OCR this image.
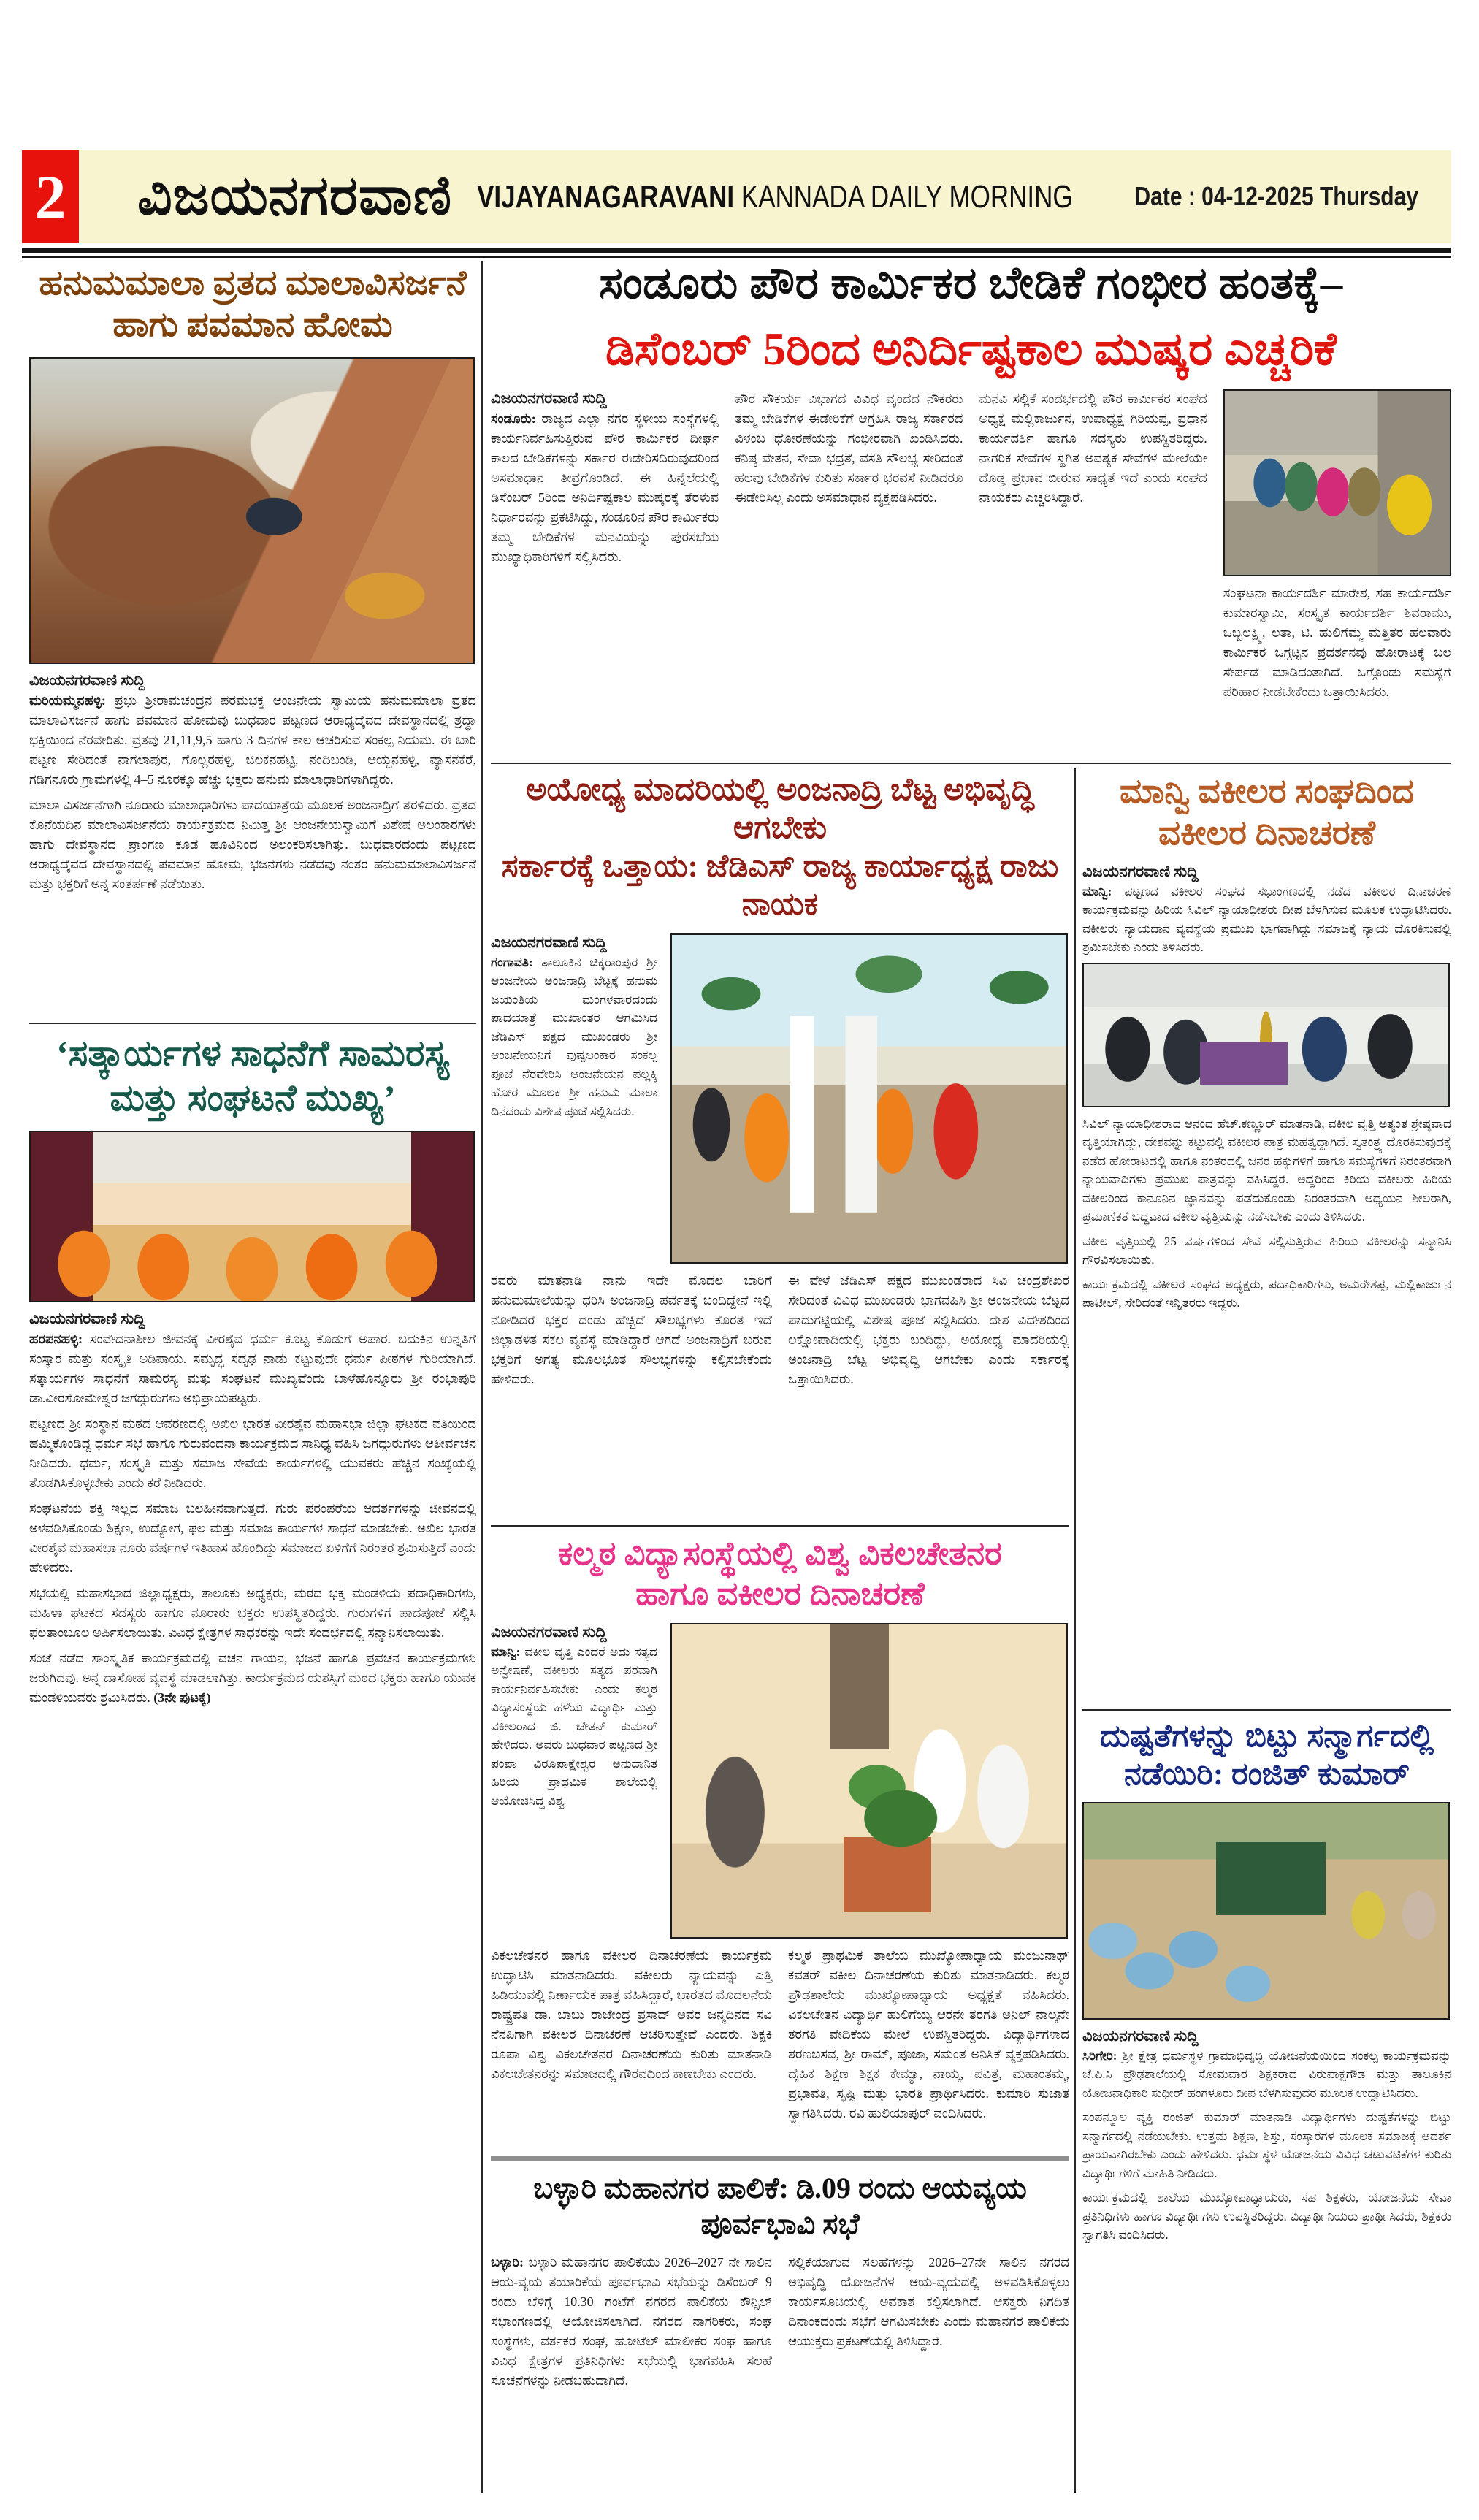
2 ವಿಜಯನಗರವಾಣಿ VIJAYANAGARAVANI KANNADA DAILY MORNING	Date : 04-12-2025 Thursday
ಹನುಮಮಾಲಾ ವ್ರತದ ಮಾಲಾವಿಸರ್ಜನೆ ಹಾಗು ಪವಮಾನ ಹೋಮ
ವಿಜಯನಗರವಾಣಿ ಸುದ್ದಿ

ಮರಿಯಮ್ಮನಹಳ್ಳಿ: ಪ್ರಭು ಶ್ರೀರಾಮಚಂದ್ರನ ಪರಮಭಕ್ತ ಆಂಜನೇಯ ಸ್ವಾಮಿಯ ಹನುಮಮಾಲಾ ವ್ರತದ ಮಾಲಾವಿಸರ್ಜನೆ ಹಾಗು ಪವಮಾನ ಹೋಮವು ಬುಧವಾರ ಪಟ್ಟಣದ ಆರಾಧ್ಯದೈವದ ದೇವಸ್ಥಾನದಲ್ಲಿ ಶ್ರದ್ಧಾ ಭಕ್ತಿಯಿಂದ ನೆರವೇರಿತು. ವ್ರತವು 21,11,9,5 ಹಾಗು 3 ದಿನಗಳ ಕಾಲ ಆಚರಿಸುವ ಸಂಕಲ್ಪ ನಿಯಮ. ಈ ಬಾರಿ ಪಟ್ಟಣ ಸೇರಿದಂತೆ ನಾಗಲಾಪುರ, ಗೊಲ್ಲರಹಳ್ಳಿ, ಚಿಲಕನಹಟ್ಟಿ, ನಂದಿಬಂಡಿ, ಆಯ್ದನಹಳ್ಳಿ, ವ್ಯಾಸನಕೆರೆ, ಗಡಿಗನೂರು ಗ್ರಾಮಗಳಲ್ಲಿ 4–5 ನೂರಕ್ಕೂ ಹೆಚ್ಚು ಭಕ್ತರು ಹನುಮ ಮಾಲಾಧಾರಿಗಳಾಗಿದ್ದರು.

ಮಾಲಾ ವಿಸರ್ಜನೆಗಾಗಿ ನೂರಾರು ಮಾಲಾಧಾರಿಗಳು ಪಾದಯಾತ್ರೆಯ ಮೂಲಕ ಅಂಜನಾದ್ರಿಗೆ ತೆರಳಿದರು. ವ್ರತದ ಕೊನೆಯದಿನ ಮಾಲಾವಿಸರ್ಜನೆಯ ಕಾರ್ಯಕ್ರಮದ ನಿಮಿತ್ತ ಶ್ರೀ ಆಂಜನೇಯಸ್ವಾಮಿಗೆ ವಿಶೇಷ ಅಲಂಕಾರಗಳು ಹಾಗು ದೇವಸ್ಥಾನದ ಪ್ರಾಂಗಣ ಕೂಡ ಹೂವಿನಿಂದ ಅಲಂಕರಿಸಲಾಗಿತ್ತು. ಬುಧವಾರದಂದು ಪಟ್ಟಣದ ಆರಾಧ್ಯದೈವದ ದೇವಸ್ಥಾನದಲ್ಲಿ ಪವಮಾನ ಹೋಮ, ಭಜನೆಗಳು ನಡೆದವು ನಂತರ ಹನುಮಮಾಲಾವಿಸರ್ಜನೆ ಮತ್ತು ಭಕ್ತರಿಗೆ ಅನ್ನ ಸಂತರ್ಪಣೆ ನಡೆಯಿತು.

‘ಸತ್ಕಾರ್ಯಗಳ ಸಾಧನೆಗೆ ಸಾಮರಸ್ಯ ಮತ್ತು ಸಂಘಟನೆ ಮುಖ್ಯ’
ವಿಜಯನಗರವಾಣಿ ಸುದ್ದಿ

ಹರಪನಹಳ್ಳಿ: ಸಂವೇದನಾಶೀಲ ಜೀವನಕ್ಕೆ ವೀರಶೈವ ಧರ್ಮ ಕೊಟ್ಟ ಕೊಡುಗೆ ಅಪಾರ. ಬದುಕಿನ ಉನ್ನತಿಗೆ ಸಂಸ್ಕಾರ ಮತ್ತು ಸಂಸ್ಕೃತಿ ಅಡಿಪಾಯ. ಸಮೃದ್ಧ ಸದೃಢ ನಾಡು ಕಟ್ಟುವುದೇ ಧರ್ಮ ಪೀಠಗಳ ಗುರಿಯಾಗಿದೆ. ಸತ್ಕಾರ್ಯಗಳ ಸಾಧನೆಗೆ ಸಾಮರಸ್ಯ ಮತ್ತು ಸಂಘಟನೆ ಮುಖ್ಯವೆಂದು ಬಾಳೆಹೊನ್ನೂರು ಶ್ರೀ ರಂಭಾಪುರಿ ಡಾ.ವೀರಸೋಮೇಶ್ವರ ಜಗದ್ಗುರುಗಳು ಅಭಿಪ್ರಾಯಪಟ್ಟರು.

ಪಟ್ಟಣದ ಶ್ರೀ ಸಂಸ್ಥಾನ ಮಠದ ಆವರಣದಲ್ಲಿ ಅಖಿಲ ಭಾರತ ವೀರಶೈವ ಮಹಾಸಭಾ ಜಿಲ್ಲಾ ಘಟಕದ ವತಿಯಿಂದ ಹಮ್ಮಿಕೊಂಡಿದ್ದ ಧರ್ಮ ಸಭೆ ಹಾಗೂ ಗುರುವಂದನಾ ಕಾರ್ಯಕ್ರಮದ ಸಾನಿಧ್ಯ ವಹಿಸಿ ಜಗದ್ಗುರುಗಳು ಆಶೀರ್ವಚನ ನೀಡಿದರು. ಧರ್ಮ, ಸಂಸ್ಕೃತಿ ಮತ್ತು ಸಮಾಜ ಸೇವೆಯ ಕಾರ್ಯಗಳಲ್ಲಿ ಯುವಕರು ಹೆಚ್ಚಿನ ಸಂಖ್ಯೆಯಲ್ಲಿ ತೊಡಗಿಸಿಕೊಳ್ಳಬೇಕು ಎಂದು ಕರೆ ನೀಡಿದರು.

ಸಂಘಟನೆಯ ಶಕ್ತಿ ಇಲ್ಲದ ಸಮಾಜ ಬಲಹೀನವಾಗುತ್ತದೆ. ಗುರು ಪರಂಪರೆಯ ಆದರ್ಶಗಳನ್ನು ಜೀವನದಲ್ಲಿ ಅಳವಡಿಸಿಕೊಂಡು ಶಿಕ್ಷಣ, ಉದ್ಯೋಗ, ಫಲ ಮತ್ತು ಸಮಾಜ ಕಾರ್ಯಗಳ ಸಾಧನೆ ಮಾಡಬೇಕು. ಅಖಿಲ ಭಾರತ ವೀರಶೈವ ಮಹಾಸಭಾ ನೂರು ವರ್ಷಗಳ ಇತಿಹಾಸ ಹೊಂದಿದ್ದು ಸಮಾಜದ ಏಳಿಗೆಗೆ ನಿರಂತರ ಶ್ರಮಿಸುತ್ತಿದೆ ಎಂದು ಹೇಳಿದರು.

ಸಭೆಯಲ್ಲಿ ಮಹಾಸಭಾದ ಜಿಲ್ಲಾಧ್ಯಕ್ಷರು, ತಾಲೂಕು ಅಧ್ಯಕ್ಷರು, ಮಠದ ಭಕ್ತ ಮಂಡಳಿಯ ಪದಾಧಿಕಾರಿಗಳು, ಮಹಿಳಾ ಘಟಕದ ಸದಸ್ಯರು ಹಾಗೂ ನೂರಾರು ಭಕ್ತರು ಉಪಸ್ಥಿತರಿದ್ದರು. ಗುರುಗಳಿಗೆ ಪಾದಪೂಜೆ ಸಲ್ಲಿಸಿ ಫಲತಾಂಬೂಲ ಅರ್ಪಿಸಲಾಯಿತು. ವಿವಿಧ ಕ್ಷೇತ್ರಗಳ ಸಾಧಕರನ್ನು ಇದೇ ಸಂದರ್ಭದಲ್ಲಿ ಸನ್ಮಾನಿಸಲಾಯಿತು.

ಸಂಜೆ ನಡೆದ ಸಾಂಸ್ಕೃತಿಕ ಕಾರ್ಯಕ್ರಮದಲ್ಲಿ ವಚನ ಗಾಯನ, ಭಜನೆ ಹಾಗೂ ಪ್ರವಚನ ಕಾರ್ಯಕ್ರಮಗಳು ಜರುಗಿದವು. ಅನ್ನ ದಾಸೋಹ ವ್ಯವಸ್ಥೆ ಮಾಡಲಾಗಿತ್ತು. ಕಾರ್ಯಕ್ರಮದ ಯಶಸ್ಸಿಗೆ ಮಠದ ಭಕ್ತರು ಹಾಗೂ ಯುವಕ ಮಂಡಳಿಯವರು ಶ್ರಮಿಸಿದರು. (3ನೇ ಪುಟಕ್ಕೆ)

ಸಂಡೂರು ಪೌರ ಕಾರ್ಮಿಕರ ಬೇಡಿಕೆ ಗಂಭೀರ ಹಂತಕ್ಕೆ–
ಡಿಸೆಂಬರ್ 5ರಿಂದ ಅನಿರ್ದಿಷ್ಟಕಾಲ ಮುಷ್ಕರ ಎಚ್ಚರಿಕೆ
ವಿಜಯನಗರವಾಣಿ ಸುದ್ದಿ

ಸಂಡೂರು: ರಾಜ್ಯದ ಎಲ್ಲಾ ನಗರ ಸ್ಥಳೀಯ ಸಂಸ್ಥೆಗಳಲ್ಲಿ ಕಾರ್ಯನಿರ್ವಹಿಸುತ್ತಿರುವ ಪೌರ ಕಾರ್ಮಿಕರ ದೀರ್ಘ ಕಾಲದ ಬೇಡಿಕೆಗಳನ್ನು ಸರ್ಕಾರ ಈಡೇರಿಸದಿರುವುದರಿಂದ ಅಸಮಾಧಾನ ತೀವ್ರಗೊಂಡಿದೆ. ಈ ಹಿನ್ನೆಲೆಯಲ್ಲಿ ಡಿಸೆಂಬರ್ 5ರಿಂದ ಅನಿರ್ದಿಷ್ಟಕಾಲ ಮುಷ್ಕರಕ್ಕೆ ತೆರಳುವ ನಿರ್ಧಾರವನ್ನು ಪ್ರಕಟಿಸಿದ್ದು, ಸಂಡೂರಿನ ಪೌರ ಕಾರ್ಮಿಕರು ತಮ್ಮ ಬೇಡಿಕೆಗಳ ಮನವಿಯನ್ನು ಪುರಸಭೆಯ ಮುಖ್ಯಾಧಿಕಾರಿಗಳಿಗೆ ಸಲ್ಲಿಸಿದರು.

ಪೌರ ಸೌಕರ್ಯ ವಿಭಾಗದ ವಿವಿಧ ವೃಂದದ ನೌಕರರು ತಮ್ಮ ಬೇಡಿಕೆಗಳ ಈಡೇರಿಕೆಗೆ ಆಗ್ರಹಿಸಿ ರಾಜ್ಯ ಸರ್ಕಾರದ ವಿಳಂಬ ಧೋರಣೆಯನ್ನು ಗಂಭೀರವಾಗಿ ಖಂಡಿಸಿದರು. ಕನಿಷ್ಠ ವೇತನ, ಸೇವಾ ಭದ್ರತೆ, ವಸತಿ ಸೌಲಭ್ಯ ಸೇರಿದಂತೆ ಹಲವು ಬೇಡಿಕೆಗಳ ಕುರಿತು ಸರ್ಕಾರ ಭರವಸೆ ನೀಡಿದರೂ ಈಡೇರಿಸಿಲ್ಲ ಎಂದು ಅಸಮಾಧಾನ ವ್ಯಕ್ತಪಡಿಸಿದರು.

ಮನವಿ ಸಲ್ಲಿಕೆ ಸಂದರ್ಭದಲ್ಲಿ ಪೌರ ಕಾರ್ಮಿಕರ ಸಂಘದ ಅಧ್ಯಕ್ಷ ಮಲ್ಲಿಕಾರ್ಜುನ, ಉಪಾಧ್ಯಕ್ಷ ಗಿರಿಯಪ್ಪ, ಪ್ರಧಾನ ಕಾರ್ಯದರ್ಶಿ ಹಾಗೂ ಸದಸ್ಯರು ಉಪಸ್ಥಿತರಿದ್ದರು. ನಾಗರಿಕ ಸೇವೆಗಳ ಸ್ಥಗಿತ ಅವಶ್ಯಕ ಸೇವೆಗಳ ಮೇಲೆಯೇ ದೊಡ್ಡ ಪ್ರಭಾವ ಬೀರುವ ಸಾಧ್ಯತೆ ಇದೆ ಎಂದು ಸಂಘದ ನಾಯಕರು ಎಚ್ಚರಿಸಿದ್ದಾರೆ.

ಸಂಘಟನಾ ಕಾರ್ಯದರ್ಶಿ ಮಾರೇಶ, ಸಹ ಕಾರ್ಯದರ್ಶಿ ಕುಮಾರಸ್ವಾಮಿ, ಸಂಸ್ಕೃತ ಕಾರ್ಯದರ್ಶಿ ಶಿವರಾಮು, ಒಬ್ಬಲಕ್ಷ್ಮಿ, ಲತಾ, ಟಿ. ಹುಲಿಗೆಮ್ಮ ಮತ್ತಿತರ ಹಲವಾರು ಕಾರ್ಮಿಕರ ಒಗ್ಗಟ್ಟಿನ ಪ್ರದರ್ಶನವು ಹೋರಾಟಕ್ಕೆ ಬಲ ಸೇರ್ಪಡೆ ಮಾಡಿದಂತಾಗಿದೆ. ಒಗ್ಗೊಂಡು ಸಮಸ್ಯೆಗೆ ಪರಿಹಾರ ನೀಡಬೇಕೆಂದು ಒತ್ತಾಯಿಸಿದರು.

ಅಯೋಧ್ಯ ಮಾದರಿಯಲ್ಲಿ ಅಂಜನಾದ್ರಿ ಬೆಟ್ಟ ಅಭಿವೃದ್ಧಿ ಆಗಬೇಕು
ಸರ್ಕಾರಕ್ಕೆ ಒತ್ತಾಯ: ಜೆಡಿಎಸ್ ರಾಜ್ಯ ಕಾರ್ಯಾಧ್ಯಕ್ಷ ರಾಜು ನಾಯಕ
ವಿಜಯನಗರವಾಣಿ ಸುದ್ದಿ

ಗಂಗಾವತಿ: ತಾಲೂಕಿನ ಚಿಕ್ಕರಾಂಪುರ ಶ್ರೀ ಆಂಜನೇಯ ಅಂಜನಾದ್ರಿ ಬೆಟ್ಟಕ್ಕೆ ಹನುಮ ಜಯಂತಿಯ ಮಂಗಳವಾರದಂದು ಪಾದಯಾತ್ರೆ ಮುಖಾಂತರ ಆಗಮಿಸಿದ ಜೆಡಿಎಸ್ ಪಕ್ಷದ ಮುಖಂಡರು ಶ್ರೀ ಆಂಜನೇಯನಿಗೆ ಪುಷ್ಪಲಂಕಾರ ಸಂಕಲ್ಪ ಪೂಜೆ ನೆರವೇರಿಸಿ ಆಂಜನೇಯನ ಪಲ್ಲಕ್ಕಿ ಹೋರ ಮೂಲಕ ಶ್ರೀ ಹನುಮ ಮಾಲಾ ದಿನದಂದು ವಿಶೇಷ ಪೂಜೆ ಸಲ್ಲಿಸಿದರು.

ರವರು ಮಾತನಾಡಿ ನಾನು ಇದೇ ಮೊದಲ ಬಾರಿಗೆ ಹನುಮಮಾಲೆಯನ್ನು ಧರಿಸಿ ಅಂಜನಾದ್ರಿ ಪರ್ವತಕ್ಕೆ ಬಂದಿದ್ದೇನೆ ಇಲ್ಲಿ ನೋಡಿದರೆ ಭಕ್ತರ ದಂಡು ಹೆಚ್ಚಿದೆ ಸೌಲಭ್ಯಗಳು ಕೊರತೆ ಇದೆ ಜಿಲ್ಲಾಡಳಿತ ಸಕಲ ವ್ಯವಸ್ಥೆ ಮಾಡಿದ್ದಾರೆ ಆಗದೆ ಅಂಜನಾದ್ರಿಗೆ ಬರುವ ಭಕ್ತರಿಗೆ ಅಗತ್ಯ ಮೂಲಭೂತ ಸೌಲಭ್ಯಗಳನ್ನು ಕಲ್ಪಿಸಬೇಕೆಂದು ಹೇಳಿದರು.

ಈ ವೇಳೆ ಜೆಡಿಎಸ್ ಪಕ್ಷದ ಮುಖಂಡರಾದ ಸಿವಿ ಚಂದ್ರಶೇಖರ ಸೇರಿದಂತೆ ವಿವಿಧ ಮುಖಂಡರು ಭಾಗವಹಿಸಿ ಶ್ರೀ ಆಂಜನೇಯ ಬೆಟ್ಟದ ಪಾದುಗಟ್ಟಿಯಲ್ಲಿ ವಿಶೇಷ ಪೂಜೆ ಸಲ್ಲಿಸಿದರು. ದೇಶ ವಿದೇಶದಿಂದ ಲಕ್ಷೋಪಾದಿಯಲ್ಲಿ ಭಕ್ತರು ಬಂದಿದ್ದು, ಅಯೋಧ್ಯ ಮಾದರಿಯಲ್ಲಿ ಅಂಜನಾದ್ರಿ ಬೆಟ್ಟ ಅಭಿವೃದ್ಧಿ ಆಗಬೇಕು ಎಂದು ಸರ್ಕಾರಕ್ಕೆ ಒತ್ತಾಯಿಸಿದರು.

ಕಲ್ಮಠ ವಿದ್ಯಾಸಂಸ್ಥೆಯಲ್ಲಿ ವಿಶ್ವ ವಿಕಲಚೇತನರ
ಹಾಗೂ ವಕೀಲರ ದಿನಾಚರಣೆ
ವಿಜಯನಗರವಾಣಿ ಸುದ್ದಿ

ಮಾನ್ವಿ: ವಕೀಲ ವೃತ್ತಿ ಎಂದರೆ ಅದು ಸತ್ಯದ ಅನ್ವೇಷಣೆ, ವಕೀಲರು ಸತ್ಯದ ಪರವಾಗಿ ಕಾರ್ಯನಿರ್ವಹಿಸಬೇಕು ಎಂದು ಕಲ್ಮಠ ವಿದ್ಯಾಸಂಸ್ಥೆಯ ಹಳೆಯ ವಿದ್ಯಾರ್ಥಿ ಮತ್ತು ವಕೀಲರಾದ ಜಿ. ಚೇತನ್ ಕುಮಾರ್ ಹೇಳಿದರು. ಅವರು ಬುಧವಾರ ಪಟ್ಟಣದ ಶ್ರೀ ಪಂಪಾ ವಿರೂಪಾಕ್ಷೇಶ್ವರ ಅನುದಾನಿತ ಹಿರಿಯ ಪ್ರಾಥಮಿಕ ಶಾಲೆಯಲ್ಲಿ ಆಯೋಜಿಸಿದ್ದ ವಿಶ್ವ

ವಿಕಲಚೇತನರ ಹಾಗೂ ವಕೀಲರ ದಿನಾಚರಣೆಯ ಕಾರ್ಯಕ್ರಮ ಉದ್ಘಾಟಿಸಿ ಮಾತನಾಡಿದರು. ವಕೀಲರು ನ್ಯಾಯವನ್ನು ಎತ್ತಿ ಹಿಡಿಯುವಲ್ಲಿ ನಿರ್ಣಾಯಕ ಪಾತ್ರ ವಹಿಸಿದ್ದಾರೆ, ಭಾರತದ ಮೊದಲನೆಯ ರಾಷ್ಟ್ರಪತಿ ಡಾ. ಬಾಬು ರಾಜೇಂದ್ರ ಪ್ರಸಾದ್ ಅವರ ಜನ್ಮದಿನದ ಸವಿ ನೆನಪಿಗಾಗಿ ವಕೀಲರ ದಿನಾಚರಣೆ ಆಚರಿಸುತ್ತೇವೆ ಎಂದರು. ಶಿಕ್ಷಕಿ ರೂಪಾ ವಿಶ್ವ ವಿಕಲಚೇತನರ ದಿನಾಚರಣೆಯ ಕುರಿತು ಮಾತನಾಡಿ ವಿಕಲಚೇತನರನ್ನು ಸಮಾಜದಲ್ಲಿ ಗೌರವದಿಂದ ಕಾಣಬೇಕು ಎಂದರು.

ಕಲ್ಮಠ ಪ್ರಾಥಮಿಕ ಶಾಲೆಯ ಮುಖ್ಯೋಪಾಧ್ಯಾಯ ಮಂಜುನಾಥ್ ಕವತರ್ ವಕೀಲ ದಿನಾಚರಣೆಯ ಕುರಿತು ಮಾತನಾಡಿದರು. ಕಲ್ಮಠ ಪ್ರೌಢಶಾಲೆಯ ಮುಖ್ಯೋಪಾಧ್ಯಾಯ ಅಧ್ಯಕ್ಷತೆ ವಹಿಸಿದರು. ವಿಕಲಚೇತನ ವಿದ್ಯಾರ್ಥಿ ಹುಲಿಗೆಯ್ಯ ಆರನೇ ತರಗತಿ ಅನಿಲ್ ನಾಲ್ಕನೇ ತರಗತಿ ವೇದಿಕೆಯ ಮೇಲೆ ಉಪಸ್ಥಿತರಿದ್ದರು. ವಿದ್ಯಾರ್ಥಿಗಳಾದ ಶರಣಬಸವ, ಶ್ರೀ ರಾಮ್, ಪೂಜಾ, ಸಮಂತ ಅನಿಸಿಕೆ ವ್ಯಕ್ತಪಡಿಸಿದರು. ದೈಹಿಕ ಶಿಕ್ಷಣ ಶಿಕ್ಷಕ ಕೇಮ್ಯಾ, ನಾಯ್ಕ, ಪವಿತ್ರ, ಮಹಾಂತಮ್ಮ, ಪ್ರಭಾವತಿ, ಸೃಷ್ಟಿ ಮತ್ತು ಭಾರತಿ ಪ್ರಾರ್ಥಿಸಿದರು. ಕುಮಾರಿ ಸುಜಾತ ಸ್ವಾಗತಿಸಿದರು. ರವಿ ಹುಲಿಯಾಪುರ್ ವಂದಿಸಿದರು.

ಬಳ್ಳಾರಿ ಮಹಾನಗರ ಪಾಲಿಕೆ: ಡಿ.09 ರಂದು ಆಯವ್ಯಯ ಪೂರ್ವಭಾವಿ ಸಭೆ

ಬಳ್ಳಾರಿ: ಬಳ್ಳಾರಿ ಮಹಾನಗರ ಪಾಲಿಕೆಯು 2026–2027 ನೇ ಸಾಲಿನ ಆಯ-ವ್ಯಯ ತಯಾರಿಕೆಯ ಪೂರ್ವಭಾವಿ ಸಭೆಯನ್ನು ಡಿಸೆಂಬರ್ 9 ರಂದು ಬೆಳಿಗ್ಗೆ 10.30 ಗಂಟೆಗೆ ನಗರದ ಪಾಲಿಕೆಯ ಕೌನ್ಸಿಲ್ ಸಭಾಂಗಣದಲ್ಲಿ ಆಯೋಜಿಸಲಾಗಿದೆ. ನಗರದ ನಾಗರಿಕರು, ಸಂಘ ಸಂಸ್ಥೆಗಳು, ವರ್ತಕರ ಸಂಘ, ಹೋಟೆಲ್ ಮಾಲೀಕರ ಸಂಘ ಹಾಗೂ ವಿವಿಧ ಕ್ಷೇತ್ರಗಳ ಪ್ರತಿನಿಧಿಗಳು ಸಭೆಯಲ್ಲಿ ಭಾಗವಹಿಸಿ ಸಲಹೆ ಸೂಚನೆಗಳನ್ನು ನೀಡಬಹುದಾಗಿದೆ.

ಸಲ್ಲಿಕೆಯಾಗುವ ಸಲಹೆಗಳನ್ನು 2026–27ನೇ ಸಾಲಿನ ನಗರದ ಅಭಿವೃದ್ಧಿ ಯೋಜನೆಗಳ ಆಯ-ವ್ಯಯದಲ್ಲಿ ಅಳವಡಿಸಿಕೊಳ್ಳಲು ಕಾರ್ಯಸೂಚಿಯಲ್ಲಿ ಅವಕಾಶ ಕಲ್ಪಿಸಲಾಗಿದೆ. ಆಸಕ್ತರು ನಿಗದಿತ ದಿನಾಂಕದಂದು ಸಭೆಗೆ ಆಗಮಿಸಬೇಕು ಎಂದು ಮಹಾನಗರ ಪಾಲಿಕೆಯ ಆಯುಕ್ತರು ಪ್ರಕಟಣೆಯಲ್ಲಿ ತಿಳಿಸಿದ್ದಾರೆ.

ಮಾನ್ವಿ ವಕೀಲರ ಸಂಘದಿಂದ
ವಕೀಲರ ದಿನಾಚರಣೆ
ವಿಜಯನಗರವಾಣಿ ಸುದ್ದಿ

ಮಾನ್ವಿ: ಪಟ್ಟಣದ ವಕೀಲರ ಸಂಘದ ಸಭಾಂಗಣದಲ್ಲಿ ನಡೆದ ವಕೀಲರ ದಿನಾಚರಣೆ ಕಾರ್ಯಕ್ರಮವನ್ನು ಹಿರಿಯ ಸಿವಿಲ್ ನ್ಯಾಯಾಧೀಶರು ದೀಪ ಬೆಳಗಿಸುವ ಮೂಲಕ ಉದ್ಘಾಟಿಸಿದರು. ವಕೀಲರು ನ್ಯಾಯದಾನ ವ್ಯವಸ್ಥೆಯ ಪ್ರಮುಖ ಭಾಗವಾಗಿದ್ದು ಸಮಾಜಕ್ಕೆ ನ್ಯಾಯ ದೊರಕಿಸುವಲ್ಲಿ ಶ್ರಮಿಸಬೇಕು ಎಂದು ತಿಳಿಸಿದರು.

ಸಿವಿಲ್ ನ್ಯಾಯಾಧೀಶರಾದ ಆನಂದ ಹೆಚ್.ಕಣ್ಣೂರ್ ಮಾತನಾಡಿ, ವಕೀಲ ವೃತ್ತಿ ಅತ್ಯಂತ ಶ್ರೇಷ್ಠವಾದ ವೃತ್ತಿಯಾಗಿದ್ದು, ದೇಶವನ್ನು ಕಟ್ಟುವಲ್ಲಿ ವಕೀಲರ ಪಾತ್ರ ಮಹತ್ವದ್ದಾಗಿದೆ. ಸ್ವತಂತ್ರ್ಯ ದೊರಕಿಸುವುದಕ್ಕೆ ನಡೆದ ಹೋರಾಟದಲ್ಲಿ ಹಾಗೂ ನಂತರದಲ್ಲಿ ಜನರ ಹಕ್ಕುಗಳಿಗೆ ಹಾಗೂ ಸಮಸ್ಯೆಗಳಿಗೆ ನಿರಂತರವಾಗಿ ನ್ಯಾಯವಾದಿಗಳು ಪ್ರಮುಖ ಪಾತ್ರವನ್ನು ವಹಿಸಿದ್ದರೆ. ಅದ್ದರಿಂದ ಕಿರಿಯ ವಕೀಲರು ಹಿರಿಯ ವಕೀಲರಿಂದ ಕಾನೂನಿನ ಜ್ಞಾನವನ್ನು ಪಡೆದುಕೊಂಡು ನಿರಂತರವಾಗಿ ಅಧ್ಯಯನ ಶೀಲರಾಗಿ, ಪ್ರಮಾಣಿಕತೆ ಬದ್ಧವಾದ ವಕೀಲ ವೃತ್ತಿಯನ್ನು ನಡೆಸಬೇಕು ಎಂದು ತಿಳಿಸಿದರು.

ವಕೀಲ ವೃತ್ತಿಯಲ್ಲಿ 25 ವರ್ಷಗಳಿಂದ ಸೇವೆ ಸಲ್ಲಿಸುತ್ತಿರುವ ಹಿರಿಯ ವಕೀಲರನ್ನು ಸನ್ಮಾನಿಸಿ ಗೌರವಿಸಲಾಯಿತು.

ಕಾರ್ಯಕ್ರಮದಲ್ಲಿ ವಕೀಲರ ಸಂಘದ ಅಧ್ಯಕ್ಷರು, ಪದಾಧಿಕಾರಿಗಳು, ಅಮರೇಶಪ್ಪ, ಮಲ್ಲಿಕಾರ್ಜುನ ಪಾಟೀಲ್, ಸೇರಿದಂತೆ ಇನ್ನಿತರರು ಇದ್ದರು.

ದುಷ್ಟತೆಗಳನ್ನು ಬಿಟ್ಟು ಸನ್ಮಾರ್ಗದಲ್ಲಿ
ನಡೆಯಿರಿ: ರಂಜಿತ್ ಕುಮಾರ್
ವಿಜಯನಗರವಾಣಿ ಸುದ್ದಿ

ಸಿರಿಗೇರಿ: ಶ್ರೀ ಕ್ಷೇತ್ರ ಧರ್ಮಸ್ಥಳ ಗ್ರಾಮಾಭಿವೃದ್ಧಿ ಯೋಜನೆಯಯಿಂದ ಸಂಕಲ್ಪ ಕಾರ್ಯಕ್ರಮವನ್ನು ಜೆ.ಪಿ.ಸಿ ಪ್ರೌಢಶಾಲೆಯಲ್ಲಿ ಸೋಮವಾರ ಶಿಕ್ಷಕರಾದ ವಿರುಪಾಕ್ಷಗೌಡ ಮತ್ತು ತಾಲೂಕಿನ ಯೋಜನಾಧಿಕಾರಿ ಸುಧೀರ್ ಹಂಗಳೂರು ದೀಪ ಬೆಳಗಿಸುವುದರ ಮೂಲಕ ಉದ್ಘಾಟಿಸಿದರು.

ಸಂಪನ್ಮೂಲ ವ್ಯಕ್ತಿ ರಂಜಿತ್ ಕುಮಾರ್ ಮಾತನಾಡಿ ವಿದ್ಯಾರ್ಥಿಗಳು ದುಷ್ಟತೆಗಳನ್ನು ಬಿಟ್ಟು ಸನ್ಮಾರ್ಗದಲ್ಲಿ ನಡೆಯಬೇಕು. ಉತ್ತಮ ಶಿಕ್ಷಣ, ಶಿಸ್ತು, ಸಂಸ್ಕಾರಗಳ ಮೂಲಕ ಸಮಾಜಕ್ಕೆ ಆದರ್ಶ ಪ್ರಾಯವಾಗಿರಬೇಕು ಎಂದು ಹೇಳಿದರು. ಧರ್ಮಸ್ಥಳ ಯೋಜನೆಯ ವಿವಿಧ ಚಟುವಟಿಕೆಗಳ ಕುರಿತು ವಿದ್ಯಾರ್ಥಿಗಳಿಗೆ ಮಾಹಿತಿ ನೀಡಿದರು.

ಕಾರ್ಯಕ್ರಮದಲ್ಲಿ ಶಾಲೆಯ ಮುಖ್ಯೋಪಾಧ್ಯಾಯರು, ಸಹ ಶಿಕ್ಷಕರು, ಯೋಜನೆಯ ಸೇವಾ ಪ್ರತಿನಿಧಿಗಳು ಹಾಗೂ ವಿದ್ಯಾರ್ಥಿಗಳು ಉಪಸ್ಥಿತರಿದ್ದರು. ವಿದ್ಯಾರ್ಥಿನಿಯರು ಪ್ರಾರ್ಥಿಸಿದರು, ಶಿಕ್ಷಕರು ಸ್ವಾಗತಿಸಿ ವಂದಿಸಿದರು.
